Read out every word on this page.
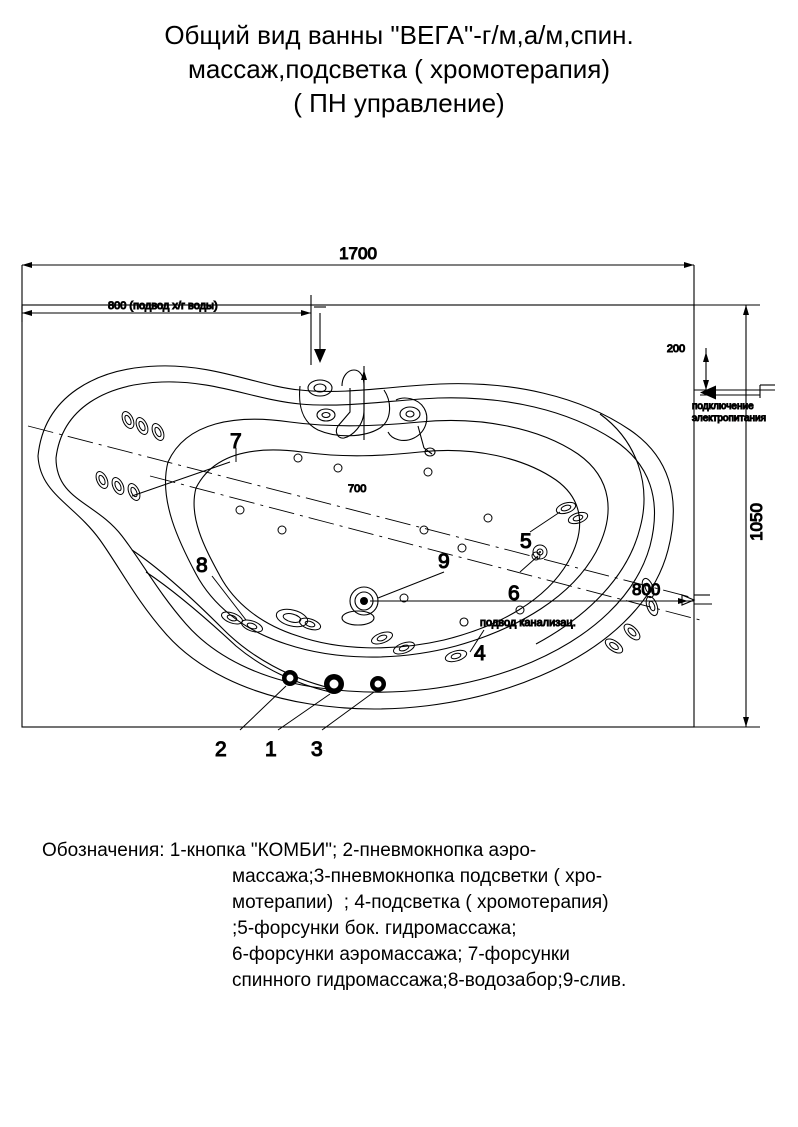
Общий вид ванны "ВЕГА"-г/м,а/м,спин.
массаж,подсветка ( хромотерапия)
( ПН управление)
1700
800 (подвод х/г воды)
1050
200
подключение
электропитания
700
800
подвод канализац.
7
8	9
5
6
4
2 1 3
Обозначения: 1-кнопка "КОМБИ"; 2-пневмокнопка аэро-
массажа;3-пневмокнопка подсветки ( хро-
мотерапии)  ; 4-подсветка ( хромотерапия)
;5-форсунки бок. гидромассажа;
6-форсунки аэромассажа; 7-форсунки
спинного гидромассажа;8-водозабор;9-слив.
